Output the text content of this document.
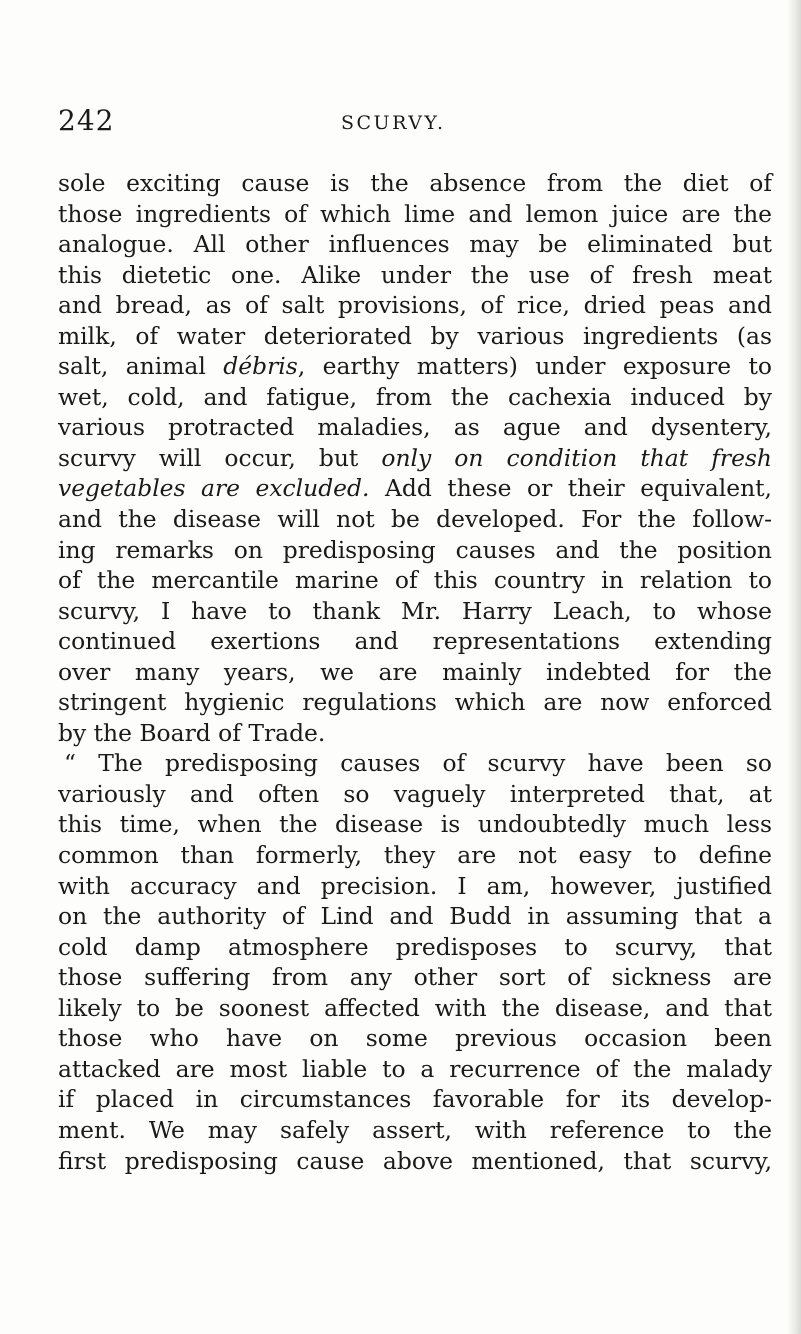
242	SCURVY.
sole exciting cause is the absence from the diet of
those ingredients of which lime and lemon juice are the
analogue. All other influences may be eliminated but
this dietetic one. Alike under the use of fresh meat
and bread, as of salt provisions, of rice, dried peas and
milk, of water deteriorated by various ingredients (as
salt, animal débris, earthy matters) under exposure to
wet, cold, and fatigue, from the cachexia induced by
various protracted maladies, as ague and dysentery,
scurvy will occur, but only on condition that fresh
vegetables are excluded. Add these or their equivalent,
and the disease will not be developed. For the follow-
ing remarks on predisposing causes and the position
of the mercantile marine of this country in relation to
scurvy, I have to thank Mr. Harry Leach, to whose
continued exertions and representations extending
over many years, we are mainly indebted for the
stringent hygienic regulations which are now enforced
by the Board of Trade.
“ The predisposing causes of scurvy have been so
variously and often so vaguely interpreted that, at
this time, when the disease is undoubtedly much less
common than formerly, they are not easy to define
with accuracy and precision. I am, however, justified
on the authority of Lind and Budd in assuming that a
cold damp atmosphere predisposes to scurvy, that
those suffering from any other sort of sickness are
likely to be soonest affected with the disease, and that
those who have on some previous occasion been
attacked are most liable to a recurrence of the malady
if placed in circumstances favorable for its develop-
ment. We may safely assert, with reference to the
first predisposing cause above mentioned, that scurvy,
